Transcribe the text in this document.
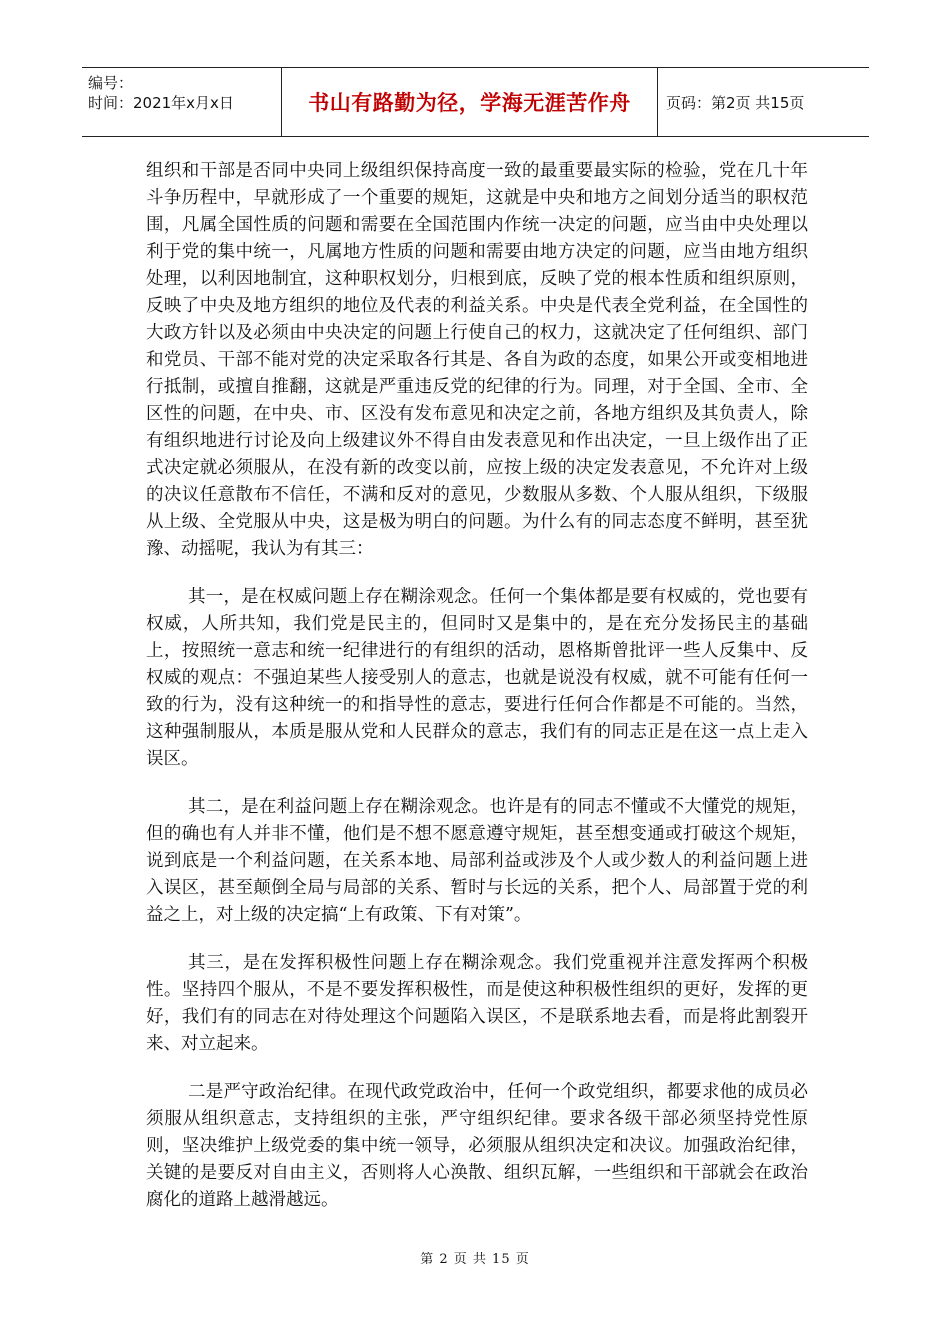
编号：
时间：2021年x月x日	书山有路勤为径，学海无涯苦作舟 页码：第2页 共15页

组织和干部是否同中央同上级组织保持高度一致的最重要最实际的检验，党在几十年斗争历程中，早就形成了一个重要的规矩，这就是中央和地方之间划分适当的职权范围，凡属全国性质的问题和需要在全国范围内作统一决定的问题，应当由中央处理以利于党的集中统一，凡属地方性质的问题和需要由地方决定的问题，应当由地方组织处理，以利因地制宜，这种职权划分，归根到底，反映了党的根本性质和组织原则，反映了中央及地方组织的地位及代表的利益关系。中央是代表全党利益，在全国性的大政方针以及必须由中央决定的问题上行使自己的权力，这就决定了任何组织、部门和党员、干部不能对党的决定采取各行其是、各自为政的态度，如果公开或变相地进行抵制，或擅自推翻，这就是严重违反党的纪律的行为。同理，对于全国、全市、全区性的问题，在中央、市、区没有发布意见和决定之前，各地方组织及其负责人，除有组织地进行讨论及向上级建议外不得自由发表意见和作出决定，一旦上级作出了正式决定就必须服从，在没有新的改变以前，应按上级的决定发表意见，不允许对上级的决议任意散布不信任，不满和反对的意见，少数服从多数、个人服从组织，下级服从上级、全党服从中央，这是极为明白的问题。为什么有的同志态度不鲜明，甚至犹豫、动摇呢，我认为有其三：

其一，是在权威问题上存在糊涂观念。任何一个集体都是要有权威的，党也要有权威，人所共知，我们党是民主的，但同时又是集中的，是在充分发扬民主的基础上，按照统一意志和统一纪律进行的有组织的活动，恩格斯曾批评一些人反集中、反权威的观点：不强迫某些人接受别人的意志，也就是说没有权威，就不可能有任何一致的行为，没有这种统一的和指导性的意志，要进行任何合作都是不可能的。当然，这种强制服从，本质是服从党和人民群众的意志，我们有的同志正是在这一点上走入误区。

其二，是在利益问题上存在糊涂观念。也许是有的同志不懂或不大懂党的规矩，但的确也有人并非不懂，他们是不想不愿意遵守规矩，甚至想变通或打破这个规矩，说到底是一个利益问题，在关系本地、局部利益或涉及个人或少数人的利益问题上进入误区，甚至颠倒全局与局部的关系、暂时与长远的关系，把个人、局部置于党的利益之上，对上级的决定搞“上有政策、下有对策”。

其三，是在发挥积极性问题上存在糊涂观念。我们党重视并注意发挥两个积极性。坚持四个服从，不是不要发挥积极性，而是使这种积极性组织的更好，发挥的更好，我们有的同志在对待处理这个问题陷入误区，不是联系地去看，而是将此割裂开来、对立起来。

二是严守政治纪律。在现代政党政治中，任何一个政党组织，都要求他的成员必须服从组织意志，支持组织的主张，严守组织纪律。要求各级干部必须坚持党性原则，坚决维护上级党委的集中统一领导，必须服从组织决定和决议。加强政治纪律，关键的是要反对自由主义，否则将人心涣散、组织瓦解，一些组织和干部就会在政治腐化的道路上越滑越远。

第 2 页 共 15 页
